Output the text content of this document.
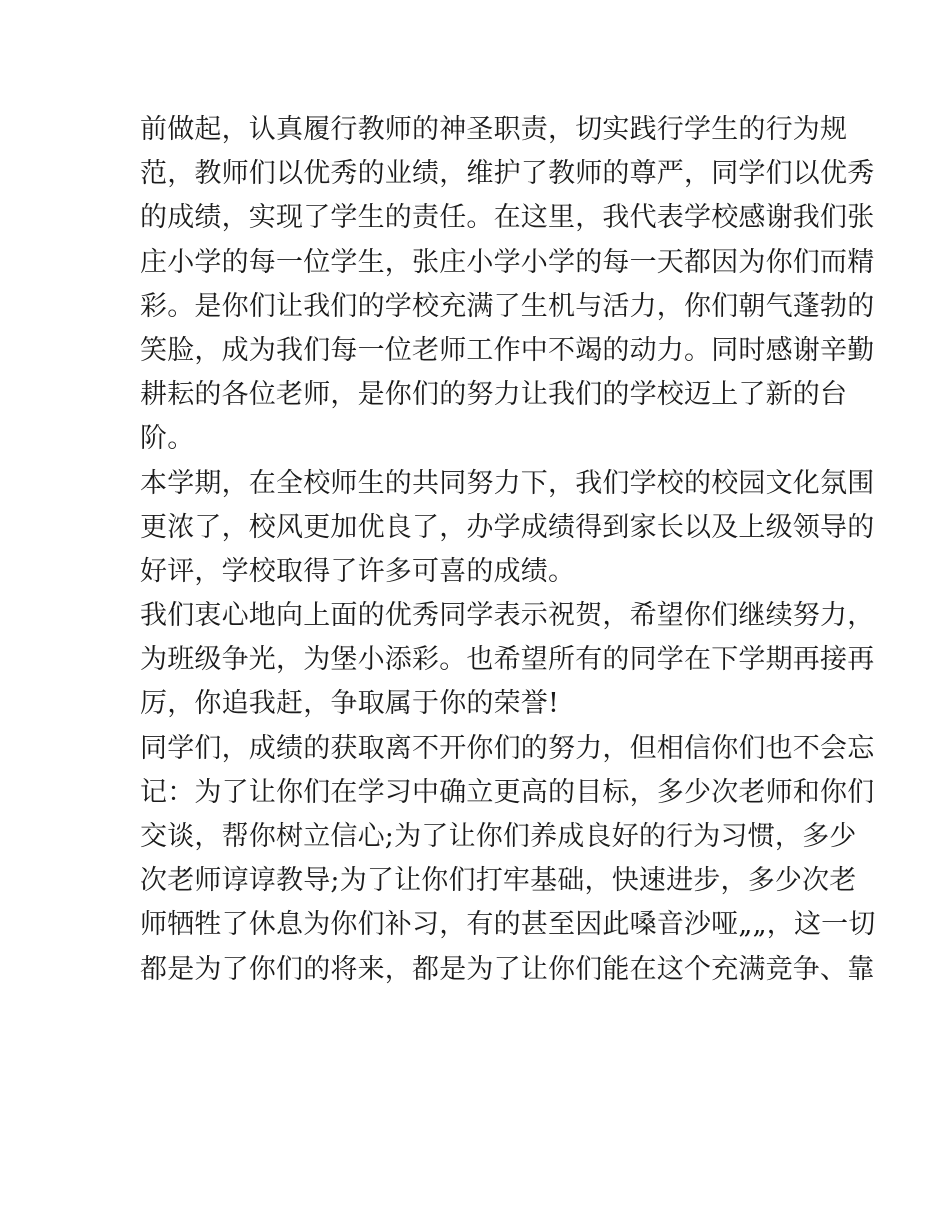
前做起，认真履行教师的神圣职责，切实践行学生的行为规
范，教师们以优秀的业绩，维护了教师的尊严，同学们以优秀
的成绩，实现了学生的责任。在这里，我代表学校感谢我们张
庄小学的每一位学生，张庄小学小学的每一天都因为你们而精
彩。是你们让我们的学校充满了生机与活力，你们朝气蓬勃的
笑脸，成为我们每一位老师工作中不竭的动力。同时感谢辛勤
耕耘的各位老师，是你们的努力让我们的学校迈上了新的台
阶。
本学期，在全校师生的共同努力下，我们学校的校园文化氛围
更浓了，校风更加优良了，办学成绩得到家长以及上级领导的
好评，学校取得了许多可喜的成绩。
我们衷心地向上面的优秀同学表示祝贺，希望你们继续努力，
为班级争光，为堡小添彩。也希望所有的同学在下学期再接再
厉，你追我赶，争取属于你的荣誉!
同学们，成绩的获取离不开你们的努力，但相信你们也不会忘
记：为了让你们在学习中确立更高的目标，多少次老师和你们
交谈，帮你树立信心;为了让你们养成良好的行为习惯，多少
次老师谆谆教导;为了让你们打牢基础，快速进步，多少次老
师牺牲了休息为你们补习，有的甚至因此嗓音沙哑„„，这一切
都是为了你们的将来，都是为了让你们能在这个充满竞争、靠
